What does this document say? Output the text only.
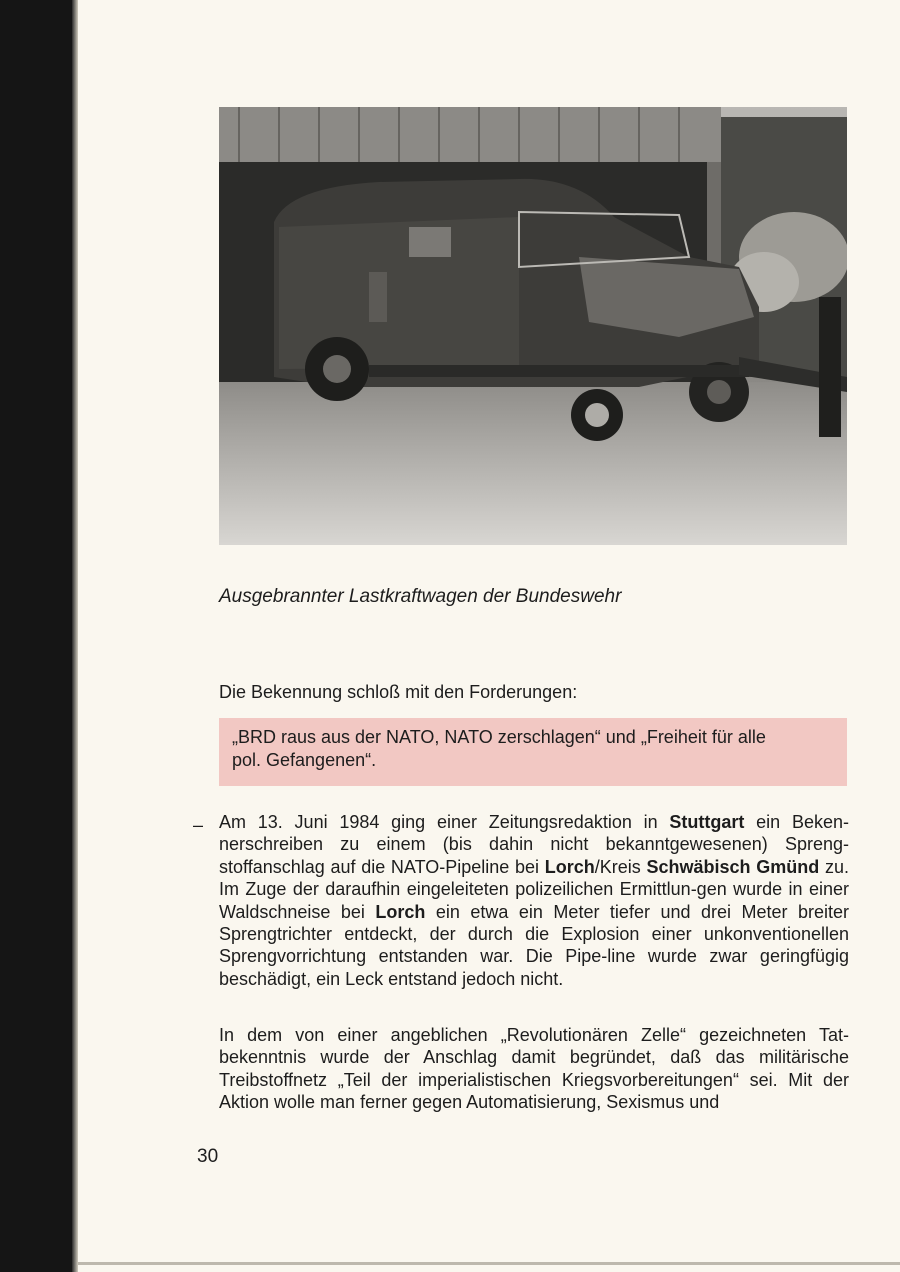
Ausgebrannter Lastkraftwagen der Bundeswehr
Die Bekennung schloß mit den Forderungen:
„BRD raus aus der NATO, NATO zerschlagen“ und „Freiheit für alle
pol. Gefangenen“.
– Am 13. Juni 1984 ging einer Zeitungsredaktion in Stuttgart ein Beken-nerschreiben zu einem (bis dahin nicht bekanntgewesenen) Spreng-stoffanschlag auf die NATO-Pipeline bei Lorch/Kreis Schwäbisch Gmünd zu. Im Zuge der daraufhin eingeleiteten polizeilichen Ermittlun-gen wurde in einer Waldschneise bei Lorch ein etwa ein Meter tiefer und drei Meter breiter Sprengtrichter entdeckt, der durch die Explosion einer unkonventionellen Sprengvorrichtung entstanden war. Die Pipe-line wurde zwar geringfügig beschädigt, ein Leck entstand jedoch nicht.

In dem von einer angeblichen „Revolutionären Zelle“ gezeichneten Tat-bekenntnis wurde der Anschlag damit begründet, daß das militärische Treibstoffnetz „Teil der imperialistischen Kriegsvorbereitungen“ sei. Mit der Aktion wolle man ferner gegen Automatisierung, Sexismus und

30
